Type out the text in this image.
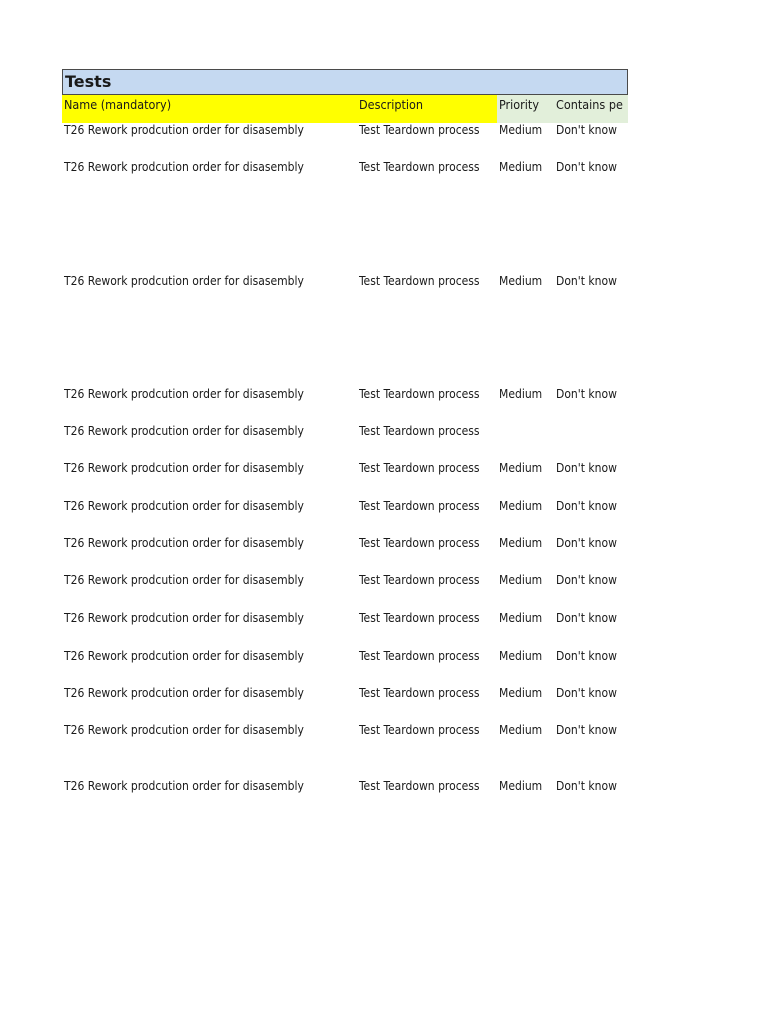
Tests
Name (mandatory)	Description	Priority	Contains pe
T26 Rework prodcution order for disasembly	Test Teardown process	Medium	Don't know
T26 Rework prodcution order for disasembly	Test Teardown process	Medium	Don't know
T26 Rework prodcution order for disasembly	Test Teardown process	Medium	Don't know
T26 Rework prodcution order for disasembly	Test Teardown process	Medium	Don't know
T26 Rework prodcution order for disasembly	Test Teardown process
T26 Rework prodcution order for disasembly	Test Teardown process	Medium	Don't know
T26 Rework prodcution order for disasembly	Test Teardown process	Medium	Don't know
T26 Rework prodcution order for disasembly	Test Teardown process	Medium	Don't know
T26 Rework prodcution order for disasembly	Test Teardown process	Medium	Don't know
T26 Rework prodcution order for disasembly	Test Teardown process	Medium	Don't know
T26 Rework prodcution order for disasembly	Test Teardown process	Medium	Don't know
T26 Rework prodcution order for disasembly	Test Teardown process	Medium	Don't know
T26 Rework prodcution order for disasembly	Test Teardown process	Medium	Don't know
T26 Rework prodcution order for disasembly	Test Teardown process	Medium	Don't know
